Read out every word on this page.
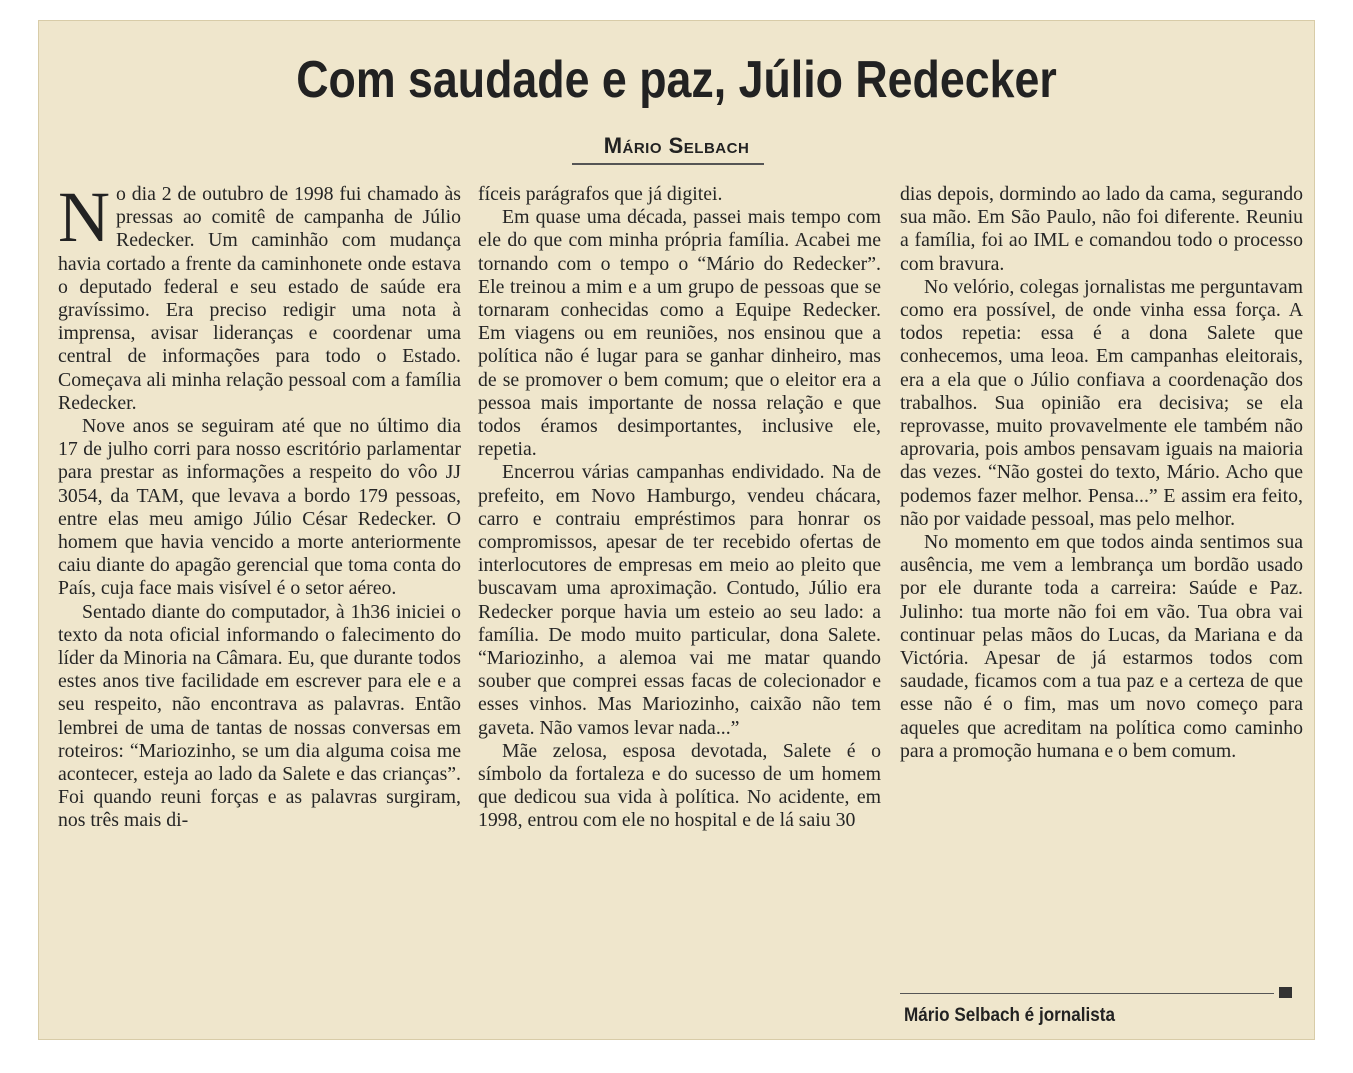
Com saudade e paz, Júlio Redecker
Mário Selbach

No dia 2 de outubro de 1998 fui chamado às pressas ao comitê de campanha de Júlio Redecker. Um caminhão com mudança havia cortado a frente da caminhonete onde estava o deputado federal e seu estado de saúde era gravíssimo. Era preciso redigir uma nota à imprensa, avisar lideranças e coordenar uma central de informações para todo o Estado. Começava ali minha relação pessoal com a família Redecker.

Nove anos se seguiram até que no último dia 17 de julho corri para nosso escritório parlamentar para prestar as informações a respeito do vôo JJ 3054, da TAM, que levava a bordo 179 pessoas, entre elas meu amigo Júlio César Redecker. O homem que havia vencido a morte anteriormente caiu diante do apagão gerencial que toma conta do País, cuja face mais visível é o setor aéreo.

Sentado diante do computador, à 1h36 iniciei o texto da nota oficial informando o falecimento do líder da Minoria na Câmara. Eu, que durante todos estes anos tive facilidade em escrever para ele e a seu respeito, não encontrava as palavras. Então lembrei de uma de tantas de nossas conversas em roteiros: “Mariozinho, se um dia alguma coisa me acontecer, esteja ao lado da Salete e das crianças”. Foi quando reuni forças e as palavras surgiram, nos três mais di-

fíceis parágrafos que já digitei.

Em quase uma década, passei mais tempo com ele do que com minha própria família. Acabei me tornando com o tempo o “Mário do Redecker”. Ele treinou a mim e a um grupo de pessoas que se tornaram conhecidas como a Equipe Redecker. Em viagens ou em reuniões, nos ensinou que a política não é lugar para se ganhar dinheiro, mas de se promover o bem comum; que o eleitor era a pessoa mais importante de nossa relação e que todos éramos desimportantes, inclusive ele, repetia.

Encerrou várias campanhas endividado. Na de prefeito, em Novo Hamburgo, vendeu chácara, carro e contraiu empréstimos para honrar os compromissos, apesar de ter recebido ofertas de interlocutores de empresas em meio ao pleito que buscavam uma aproximação. Contudo, Júlio era Redecker porque havia um esteio ao seu lado: a família. De modo muito particular, dona Salete. “Mariozinho, a alemoa vai me matar quando souber que comprei essas facas de colecionador e esses vinhos. Mas Mariozinho, caixão não tem gaveta. Não vamos levar nada...”

Mãe zelosa, esposa devotada, Salete é o símbolo da fortaleza e do sucesso de um homem que dedicou sua vida à política. No acidente, em 1998, entrou com ele no hospital e de lá saiu 30

dias depois, dormindo ao lado da cama, segurando sua mão. Em São Paulo, não foi diferente. Reuniu a família, foi ao IML e comandou todo o processo com bravura.

No velório, colegas jornalistas me perguntavam como era possível, de onde vinha essa força. A todos repetia: essa é a dona Salete que conhecemos, uma leoa. Em campanhas eleitorais, era a ela que o Júlio confiava a coordenação dos trabalhos. Sua opinião era decisiva; se ela reprovasse, muito provavelmente ele também não aprovaria, pois ambos pensavam iguais na maioria das vezes. “Não gostei do texto, Mário. Acho que podemos fazer melhor. Pensa...” E assim era feito, não por vaidade pessoal, mas pelo melhor.

No momento em que todos ainda sentimos sua ausência, me vem a lembrança um bordão usado por ele durante toda a carreira: Saúde e Paz. Julinho: tua morte não foi em vão. Tua obra vai continuar pelas mãos do Lucas, da Mariana e da Victória. Apesar de já estarmos todos com saudade, ficamos com a tua paz e a certeza de que esse não é o fim, mas um novo começo para aqueles que acreditam na política como caminho para a promoção humana e o bem comum.

Mário Selbach é jornalista
